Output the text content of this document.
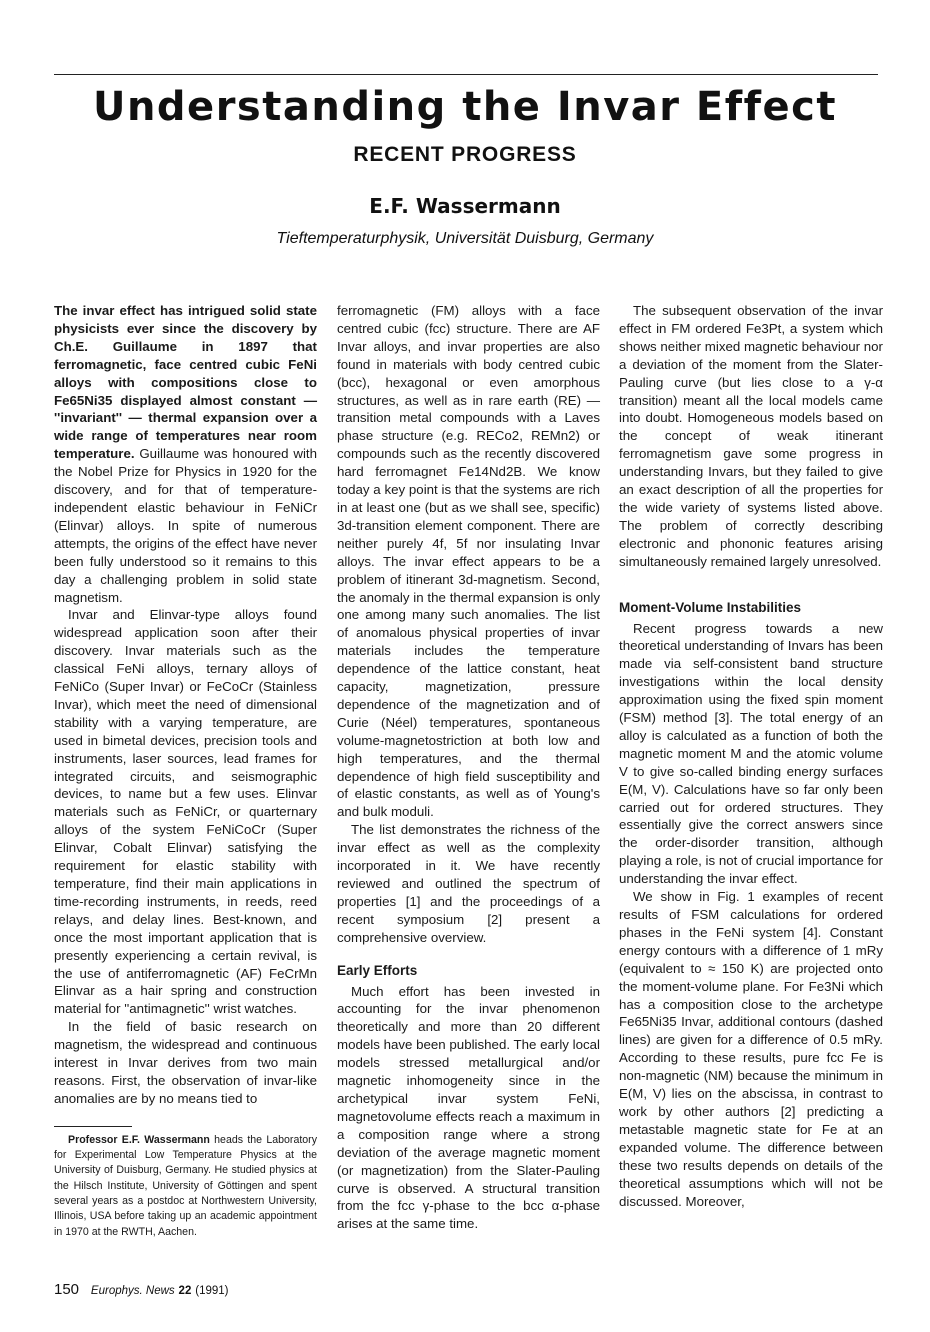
Understanding the Invar Effect
RECENT PROGRESS
E.F. Wassermann
Tieftemperaturphysik, Universität Duisburg, Germany

The invar effect has intrigued solid state physicists ever since the discovery by Ch.E. Guillaume in 1897 that ferromagnetic, face centred cubic FeNi alloys with compositions close to Fe65Ni35 displayed almost constant — ''invariant'' — thermal expansion over a wide range of temperatures near room temperature. Guillaume was honoured with the Nobel Prize for Physics in 1920 for the discovery, and for that of temperature-independent elastic behaviour in FeNiCr (Elinvar) alloys. In spite of numerous attempts, the origins of the effect have never been fully understood so it remains to this day a challenging problem in solid state magnetism.

Invar and Elinvar-type alloys found widespread application soon after their discovery. Invar materials such as the classical FeNi alloys, ternary alloys of FeNiCo (Super Invar) or FeCoCr (Stainless Invar), which meet the need of dimensional stability with a varying temperature, are used in bimetal devices, precision tools and instruments, laser sources, lead frames for integrated circuits, and seismographic devices, to name but a few uses. Elinvar materials such as FeNiCr, or quarternary alloys of the system FeNiCoCr (Super Elinvar, Cobalt Elinvar) satisfying the requirement for elastic stability with temperature, find their main applications in time-recording instruments, in reeds, reed relays, and delay lines. Best-known, and once the most important application that is presently experiencing a certain revival, is the use of antiferromagnetic (AF) FeCrMn Elinvar as a hair spring and construction material for ''antimagnetic'' wrist watches.

In the field of basic research on magnetism, the widespread and continuous interest in Invar derives from two main reasons. First, the observation of invar-like anomalies are by no means tied to

Professor E.F. Wassermann heads the Laboratory for Experimental Low Temperature Physics at the University of Duisburg, Germany. He studied physics at the Hilsch Institute, University of Göttingen and spent several years as a postdoc at Northwestern University, Illinois, USA before taking up an academic appointment in 1970 at the RWTH, Aachen.

ferromagnetic (FM) alloys with a face centred cubic (fcc) structure. There are AF Invar alloys, and invar properties are also found in materials with body centred cubic (bcc), hexagonal or even amorphous structures, as well as in rare earth (RE) — transition metal compounds with a Laves phase structure (e.g. RECo2, REMn2) or compounds such as the recently discovered hard ferromagnet Fe14Nd2B. We know today a key point is that the systems are rich in at least one (but as we shall see, specific) 3d-transition element component. There are neither purely 4f, 5f nor insulating Invar alloys. The invar effect appears to be a problem of itinerant 3d-magnetism. Second, the anomaly in the thermal expansion is only one among many such anomalies. The list of anomalous physical properties of invar materials includes the temperature dependence of the lattice constant, heat capacity, magnetization, pressure dependence of the magnetization and of Curie (Néel) temperatures, spontaneous volume-magnetostriction at both low and high temperatures, and the thermal dependence of high field susceptibility and of elastic constants, as well as of Young's and bulk moduli.

The list demonstrates the richness of the invar effect as well as the complexity incorporated in it. We have recently reviewed and outlined the spectrum of properties [1] and the proceedings of a recent symposium [2] present a comprehensive overview.

Early Efforts

Much effort has been invested in accounting for the invar phenomenon theoretically and more than 20 different models have been published. The early local models stressed metallurgical and/or magnetic inhomogeneity since in the archetypical invar system FeNi, magnetovolume effects reach a maximum in a composition range where a strong deviation of the average magnetic moment (or magnetization) from the Slater-Pauling curve is observed. A structural transition from the fcc γ-phase to the bcc α-phase arises at the same time.

The subsequent observation of the invar effect in FM ordered Fe3Pt, a system which shows neither mixed magnetic behaviour nor a deviation of the moment from the Slater-Pauling curve (but lies close to a γ-α transition) meant all the local models came into doubt. Homogeneous models based on the concept of weak itinerant ferromagnetism gave some progress in understanding Invars, but they failed to give an exact description of all the properties for the wide variety of systems listed above. The problem of correctly describing electronic and phononic features arising simultaneously remained largely unresolved.

Moment-Volume Instabilities

Recent progress towards a new theoretical understanding of Invars has been made via self-consistent band structure investigations within the local density approximation using the fixed spin moment (FSM) method [3]. The total energy of an alloy is calculated as a function of both the magnetic moment M and the atomic volume V to give so-called binding energy surfaces E(M, V). Calculations have so far only been carried out for ordered structures. They essentially give the correct answers since the order-disorder transition, although playing a role, is not of crucial importance for understanding the invar effect.

We show in Fig. 1 examples of recent results of FSM calculations for ordered phases in the FeNi system [4]. Constant energy contours with a difference of 1 mRy (equivalent to ≈ 150 K) are projected onto the moment-volume plane. For Fe3Ni which has a composition close to the archetype Fe65Ni35 Invar, additional contours (dashed lines) are given for a difference of 0.5 mRy. According to these results, pure fcc Fe is non-magnetic (NM) because the minimum in E(M, V) lies on the abscissa, in contrast to work by other authors [2] predicting a metastable magnetic state for Fe at an expanded volume. The difference between these two results depends on details of the theoretical assumptions which will not be discussed. Moreover,

150 Europhys. News 22 (1991)
